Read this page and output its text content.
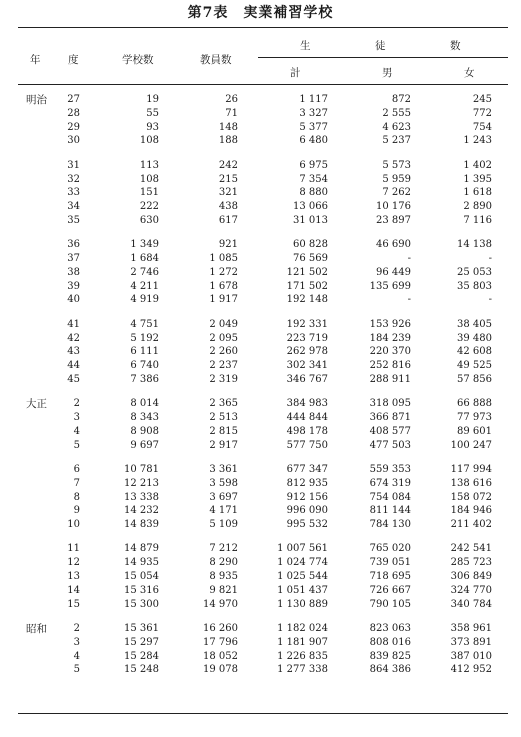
第7表　実業補習学校
年	度	学校数	教員数
生	徒	数
計	男	女
明治	27	19	26	1 117	872	245
28	55	71	3 327	2 555	772
29	93	148	5 377	4 623	754
30	108	188	6 480	5 237	1 243
31	113	242	6 975	5 573	1 402
32	108	215	7 354	5 959	1 395
33	151	321	8 880	7 262	1 618
34	222	438	13 066	10 176	2 890
35	630	617	31 013	23 897	7 116
36	1 349	921	60 828	46 690	14 138
37	1 684	1 085	76 569	-	-
38	2 746	1 272	121 502	96 449	25 053
39	4 211	1 678	171 502	135 699	35 803
40	4 919	1 917	192 148	-	-
41	4 751	2 049	192 331	153 926	38 405
42	5 192	2 095	223 719	184 239	39 480
43	6 111	2 260	262 978	220 370	42 608
44	6 740	2 237	302 341	252 816	49 525
45	7 386	2 319	346 767	288 911	57 856
大正	2	8 014	2 365	384 983	318 095	66 888
3	8 343	2 513	444 844	366 871	77 973
4	8 908	2 815	498 178	408 577	89 601
5	9 697	2 917	577 750	477 503	100 247
6	10 781	3 361	677 347	559 353	117 994
7	12 213	3 598	812 935	674 319	138 616
8	13 338	3 697	912 156	754 084	158 072
9	14 232	4 171	996 090	811 144	184 946
10	14 839	5 109	995 532	784 130	211 402
11	14 879	7 212	1 007 561	765 020	242 541
12	14 935	8 290	1 024 774	739 051	285 723
13	15 054	8 935	1 025 544	718 695	306 849
14	15 316	9 821	1 051 437	726 667	324 770
15	15 300	14 970	1 130 889	790 105	340 784
昭和	2	15 361	16 260	1 182 024	823 063	358 961
3	15 297	17 796	1 181 907	808 016	373 891
4	15 284	18 052	1 226 835	839 825	387 010
5	15 248	19 078	1 277 338	864 386	412 952
